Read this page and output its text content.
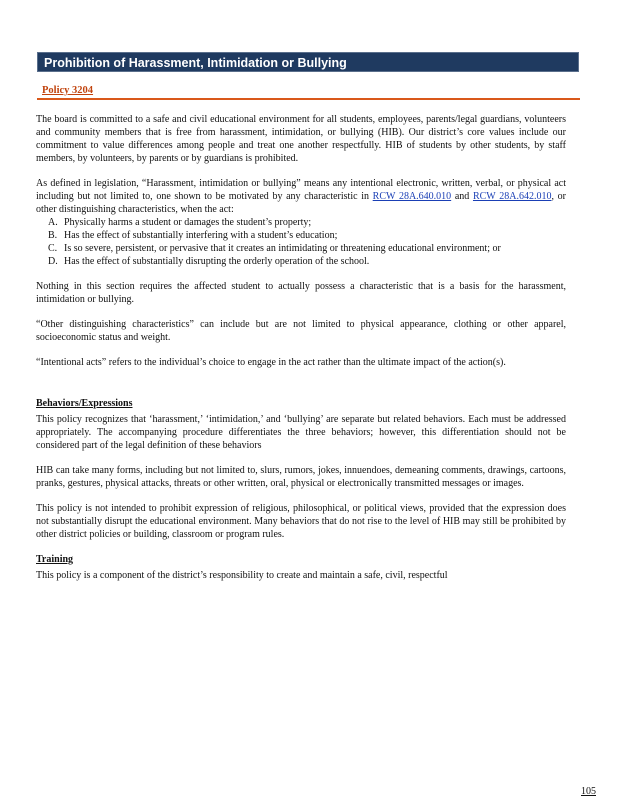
Prohibition of Harassment, Intimidation or Bullying
Policy 3204

The board is committed to a safe and civil educational environment for all students, employees, parents/legal guardians, volunteers and community members that is free from harassment, intimidation, or bullying (HIB). Our district’s core values include our commitment to value differences among people and treat one another respectfully. HIB of students by other students, by staff members, by volunteers, by parents or by guardians is prohibited.

As defined in legislation, “Harassment, intimidation or bullying” means any intentional electronic, written, verbal, or physical act including but not limited to, one shown to be motivated by any characteristic in RCW 28A.640.010 and RCW 28A.642.010, or other distinguishing characteristics, when the act:

A. Physically harms a student or damages the student’s property;
B. Has the effect of substantially interfering with a student’s education;
C. Is so severe, persistent, or pervasive that it creates an intimidating or threatening educational environment; or
D. Has the effect of substantially disrupting the orderly operation of the school.

Nothing in this section requires the affected student to actually possess a characteristic that is a basis for the harassment, intimidation or bullying.

“Other distinguishing characteristics” can include but are not limited to physical appearance, clothing or other apparel, socioeconomic status and weight.

“Intentional acts” refers to the individual’s choice to engage in the act rather than the ultimate impact of the action(s).

Behaviors/Expressions

This policy recognizes that ‘harassment,’ ‘intimidation,’ and ‘bullying’ are separate but related behaviors. Each must be addressed appropriately. The accompanying procedure differentiates the three behaviors; however, this differentiation should not be considered part of the legal definition of these behaviors

HIB can take many forms, including but not limited to, slurs, rumors, jokes, innuendoes, demeaning comments, drawings, cartoons, pranks, gestures, physical attacks, threats or other written, oral, physical or electronically transmitted messages or images.

This policy is not intended to prohibit expression of religious, philosophical, or political views, provided that the expression does not substantially disrupt the educational environment. Many behaviors that do not rise to the level of HIB may still be prohibited by other district policies or building, classroom or program rules.

Training

This policy is a component of the district’s responsibility to create and maintain a safe, civil, respectful

105
